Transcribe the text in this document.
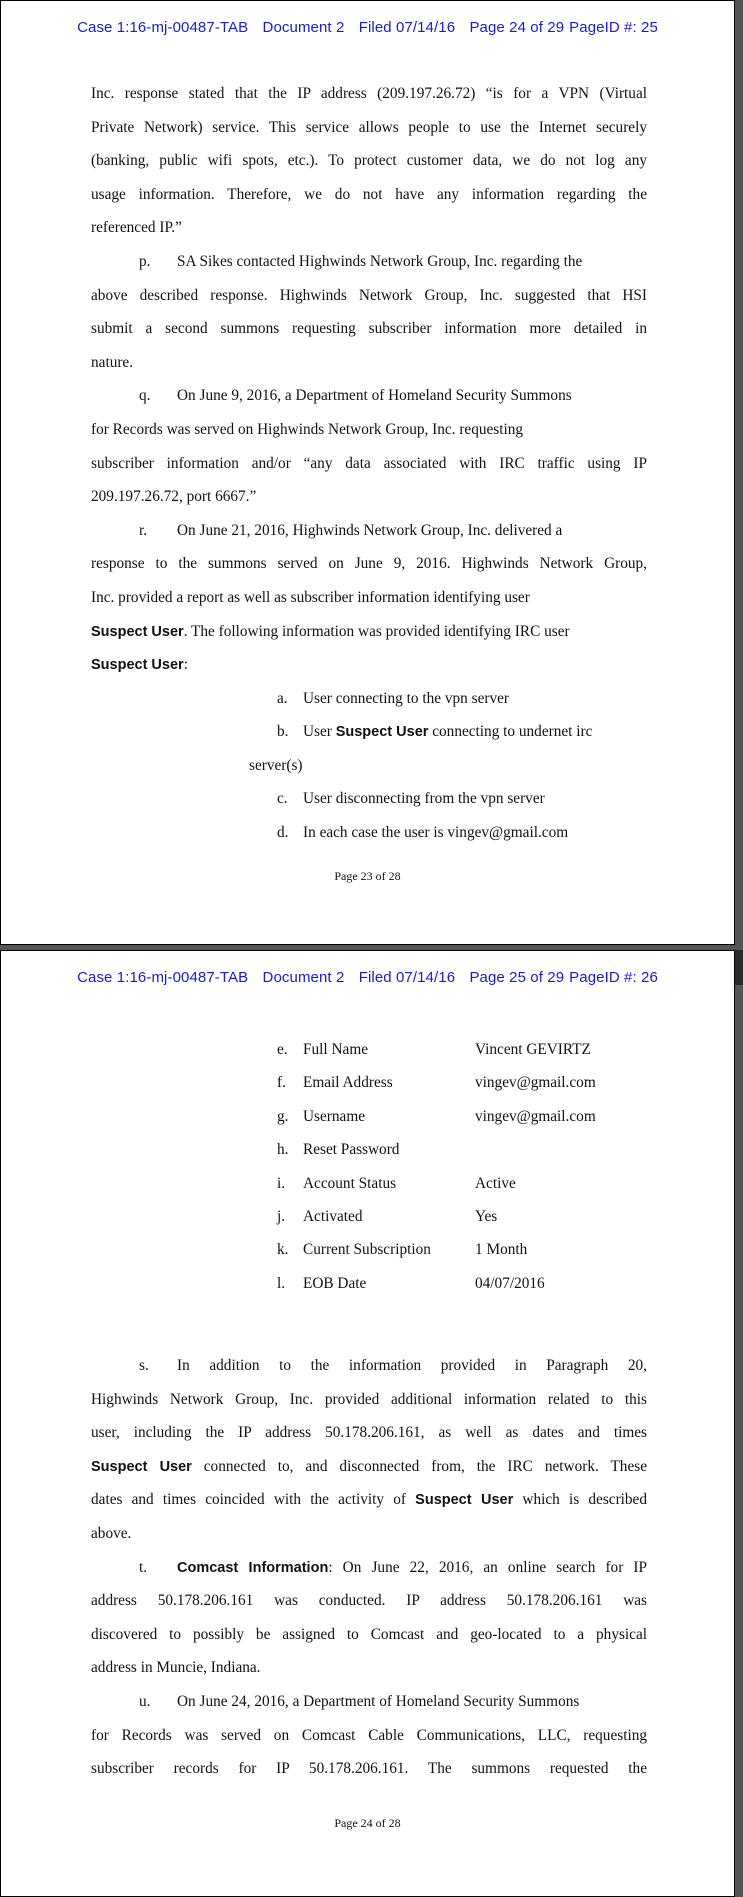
Case 1:16-mj-00487-TAB Document 2 Filed 07/14/16 Page 24 of 29 PageID #: 25
Inc. response stated that the IP address (209.197.26.72) “is for a VPN (Virtual
Private Network) service. This service allows people to use the Internet securely
(banking, public wifi spots, etc.). To protect customer data, we do not log any
usage information. Therefore, we do not have any information regarding the
referenced IP.”
p. SA Sikes contacted Highwinds Network Group, Inc. regarding the
above described response. Highwinds Network Group, Inc. suggested that HSI
submit a second summons requesting subscriber information more detailed in
nature.
q. On June 9, 2016, a Department of Homeland Security Summons
for Records was served on Highwinds Network Group, Inc. requesting
subscriber information and/or “any data associated with IRC traffic using IP
209.197.26.72, port 6667.”
r. On June 21, 2016, Highwinds Network Group, Inc. delivered a
response to the summons served on June 9, 2016. Highwinds Network Group,
Inc. provided a report as well as subscriber information identifying user
Suspect User. The following information was provided identifying IRC user
Suspect User:
a. User connecting to the vpn server
b. User Suspect User connecting to undernet irc
server(s)
c. User disconnecting from the vpn server
d. In each case the user is vingev@gmail.com
Page 23 of 28
Case 1:16-mj-00487-TAB Document 2 Filed 07/14/16 Page 25 of 29 PageID #: 26
e. Full Name	Vincent GEVIRTZ
f. Email Address	vingev@gmail.com
g. Username	vingev@gmail.com
h. Reset Password
i. Account Status	Active
j. Activated	Yes
k. Current Subscription	1 Month
l. EOB Date	04/07/2016
s. In addition to the information provided in Paragraph 20,
Highwinds Network Group, Inc. provided additional information related to this
user, including the IP address 50.178.206.161, as well as dates and times
Suspect User connected to, and disconnected from, the IRC network. These
dates and times coincided with the activity of Suspect User which is described
above.
t. Comcast Information: On June 22, 2016, an online search for IP
address 50.178.206.161 was conducted. IP address 50.178.206.161 was
discovered to possibly be assigned to Comcast and geo-located to a physical
address in Muncie, Indiana.
u. On June 24, 2016, a Department of Homeland Security Summons
for Records was served on Comcast Cable Communications, LLC, requesting
subscriber records for IP 50.178.206.161. The summons requested the
Page 24 of 28
